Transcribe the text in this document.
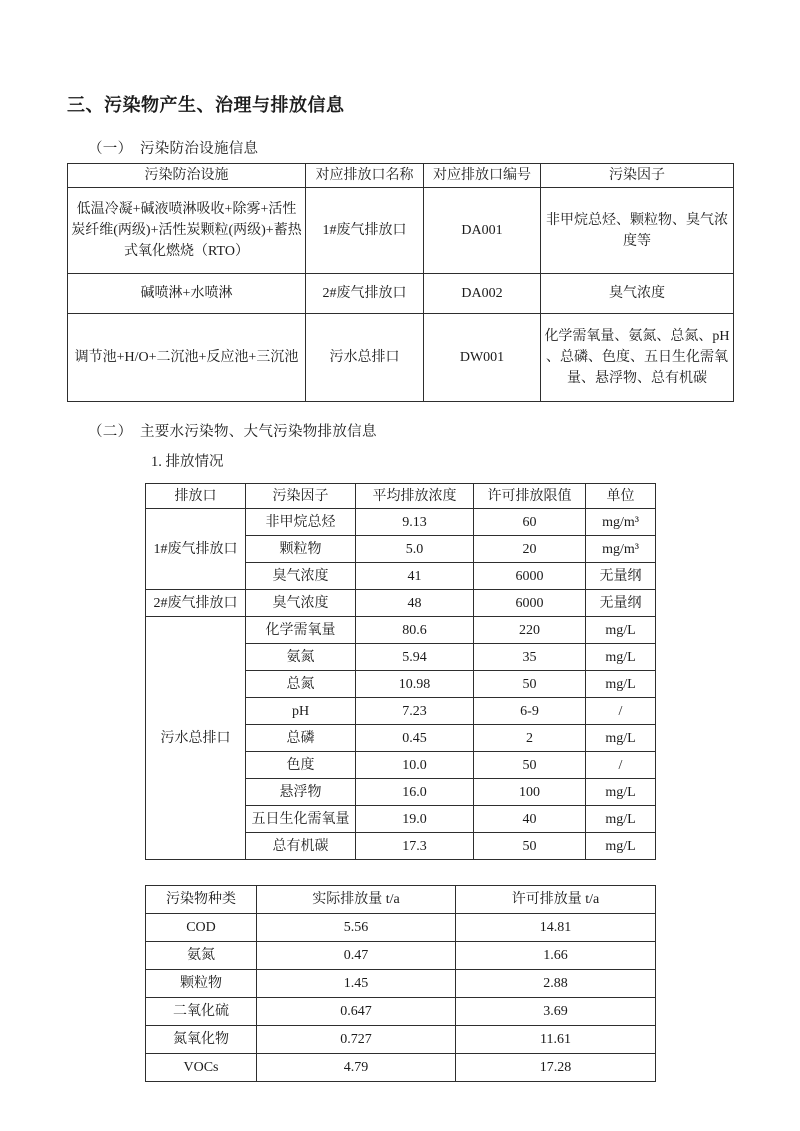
三、污染物产生、治理与排放信息
（一）　污染防治设施信息
污染防治设施	对应排放口名称	对应排放口编号	污染因子
低温冷凝+碱液喷淋吸收+除雾+活性炭纤维(两级)+活性炭颗粒(两级)+蓄热式氧化燃烧（RTO）	1#废气排放口	DA001	非甲烷总烃、颗粒物、臭气浓度等
碱喷淋+水喷淋	2#废气排放口	DA002	臭气浓度
调节池+H/O+二沉池+反应池+三沉池	污水总排口	DW001	化学需氧量、氨氮、总氮、pH 、总磷、色度、五日生化需氧量、悬浮物、总有机碳
（二）　主要水污染物、大气污染物排放信息
1. 排放情况
排放口	污染因子	平均排放浓度	许可排放限值	单位
1#废气排放口	非甲烷总烃	9.13	60	mg/m³
	颗粒物	5.0	20	mg/m³
	臭气浓度	41	6000	无量纲
2#废气排放口	臭气浓度	48	6000	无量纲
污水总排口	化学需氧量	80.6	220	mg/L
	氨氮	5.94	35	mg/L
	总氮	10.98	50	mg/L
	pH	7.23	6-9	/
	总磷	0.45	2	mg/L
	色度	10.0	50	/
	悬浮物	16.0	100	mg/L
	五日生化需氧量	19.0	40	mg/L
	总有机碳	17.3	50	mg/L
污染物种类	实际排放量 t/a	许可排放量 t/a
COD	5.56	14.81
氨氮	0.47	1.66
颗粒物	1.45	2.88
二氧化硫	0.647	3.69
氮氧化物	0.727	11.61
VOCs	4.79	17.28
